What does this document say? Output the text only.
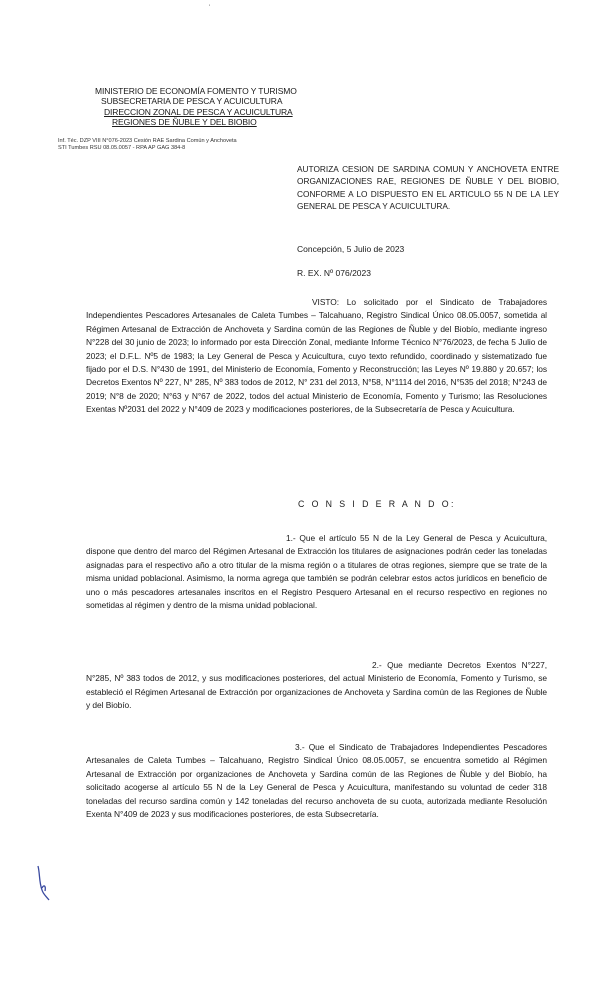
'
MINISTERIO DE ECONOMÍA FOMENTO Y TURISMO
SUBSECRETARIA DE PESCA Y ACUICULTURA
DIRECCION ZONAL DE PESCA Y ACUICULTURA
REGIONES DE ÑUBLE Y DEL BIOBIO
Inf. Téc. DZP VIII N°076-2023 Cesión RAE Sardina Común y Anchoveta
STI Tumbes RSU 08.05.0057 - RPA AP GAG 384-8
AUTORIZA CESION DE SARDINA COMUN Y ANCHOVETA ENTRE ORGANIZACIONES RAE, REGIONES DE ÑUBLE Y DEL BIOBIO, CONFORME A LO DISPUESTO EN EL ARTICULO 55 N DE LA LEY GENERAL DE PESCA Y ACUICULTURA.
Concepción, 5 Julio de 2023
R. EX. Nº 076/2023
VISTO: Lo solicitado por el Sindicato de Trabajadores Independientes Pescadores Artesanales de Caleta Tumbes – Talcahuano, Registro Sindical Único 08.05.0057, sometida al Régimen Artesanal de Extracción de Anchoveta y Sardina común de las Regiones de Ñuble y del Biobío, mediante ingreso N°228 del 30 junio de 2023; lo informado por esta Dirección Zonal, mediante Informe Técnico N°76/2023, de fecha 5 Julio de 2023; el D.F.L. Nº5 de 1983; la Ley General de Pesca y Acuicultura, cuyo texto refundido, coordinado y sistematizado fue fijado por el D.S. N°430 de 1991, del Ministerio de Economía, Fomento y Reconstrucción; las Leyes Nº 19.880 y 20.657; los Decretos Exentos Nº 227, N° 285, Nº 383 todos de 2012, N° 231 del 2013, N°58, N°1114 del 2016, N°535 del 2018; N°243 de 2019; N°8 de 2020; N°63 y N°67 de 2022, todos del actual Ministerio de Economía, Fomento y Turismo; las Resoluciones Exentas Nº2031 del 2022 y N°409 de 2023 y modificaciones posteriores, de la Subsecretaría de Pesca y Acuicultura.
C O N S I D E R A N D O:
1.- Que el artículo 55 N de la Ley General de Pesca y Acuicultura, dispone que dentro del marco del Régimen Artesanal de Extracción los titulares de asignaciones podrán ceder las toneladas asignadas para el respectivo año a otro titular de la misma región o a titulares de otras regiones, siempre que se trate de la misma unidad poblacional. Asimismo, la norma agrega que también se podrán celebrar estos actos jurídicos en beneficio de uno o más pescadores artesanales inscritos en el Registro Pesquero Artesanal en el recurso respectivo en regiones no sometidas al régimen y dentro de la misma unidad poblacional.
2.- Que mediante Decretos Exentos N°227, N°285, Nº 383 todos de 2012, y sus modificaciones posteriores, del actual Ministerio de Economía, Fomento y Turismo, se estableció el Régimen Artesanal de Extracción por organizaciones de Anchoveta y Sardina común de las Regiones de Ñuble y del Biobío.
3.- Que el Sindicato de Trabajadores Independientes Pescadores Artesanales de Caleta Tumbes – Talcahuano, Registro Sindical Único 08.05.0057, se encuentra sometido al Régimen Artesanal de Extracción por organizaciones de Anchoveta y Sardina común de las Regiones de Ñuble y del Biobío, ha solicitado acogerse al artículo 55 N de la Ley General de Pesca y Acuicultura, manifestando su voluntad de ceder 318 toneladas del recurso sardina común y 142 toneladas del recurso anchoveta de su cuota, autorizada mediante Resolución Exenta N°409 de 2023 y sus modificaciones posteriores, de esta Subsecretaría.
